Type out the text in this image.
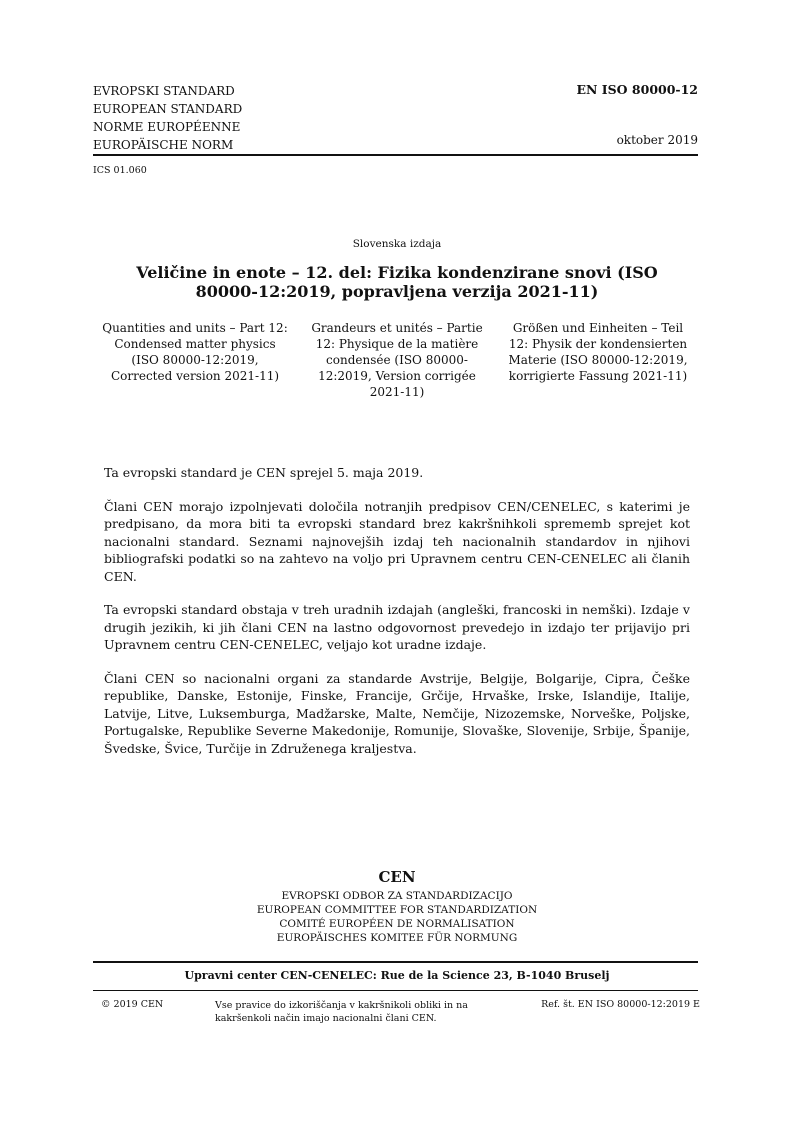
EVROPSKI STANDARD
EUROPEAN STANDARD
NORME EUROPÉENNE
EUROPÄISCHE NORM
EN ISO 80000-12
oktober 2019
ICS 01.060
Slovenska izdaja
Veličine in enote – 12. del: Fizika kondenzirane snovi (ISO 80000-12:2019, popravljena verzija 2021-11)
Quantities and units – Part 12: Condensed matter physics (ISO 80000-12:2019, Corrected version 2021-11)
Grandeurs et unités – Partie 12: Physique de la matière condensée (ISO 80000-12:2019, Version corrigée 2021-11)
Größen und Einheiten – Teil 12: Physik der kondensierten Materie (ISO 80000-12:2019, korrigierte Fassung 2021-11)

Ta evropski standard je CEN sprejel 5. maja 2019.

Člani CEN morajo izpolnjevati določila notranjih predpisov CEN/CENELEC, s katerimi je predpisano, da mora biti ta evropski standard brez kakršnihkoli sprememb sprejet kot nacionalni standard. Seznami najnovejših izdaj teh nacionalnih standardov in njihovi bibliografski podatki so na zahtevo na voljo pri Upravnem centru CEN-CENELEC ali članih CEN.

Ta evropski standard obstaja v treh uradnih izdajah (angleški, francoski in nemški). Izdaje v drugih jezikih, ki jih člani CEN na lastno odgovornost prevedejo in izdajo ter prijavijo pri Upravnem centru CEN-CENELEC, veljajo kot uradne izdaje.

Člani CEN so nacionalni organi za standarde Avstrije, Belgije, Bolgarije, Cipra, Češke republike, Danske, Estonije, Finske, Francije, Grčije, Hrvaške, Irske, Islandije, Italije, Latvije, Litve, Luksemburga, Madžarske, Malte, Nemčije, Nizozemske, Norveške, Poljske, Portugalske, Republike Severne Makedonije, Romunije, Slovaške, Slovenije, Srbije, Španije, Švedske, Švice, Turčije in Združenega kraljestva.

CEN
EVROPSKI ODBOR ZA STANDARDIZACIJO
EUROPEAN COMMITTEE FOR STANDARDIZATION
COMITÉ EUROPÉEN DE NORMALISATION
EUROPÄISCHES KOMITEE FÜR NORMUNG
Upravni center CEN-CENELEC: Rue de la Science 23, B-1040 Bruselj
© 2019 CEN	Vse pravice do izkoriščanja v kakršnikoli obliki in na kakršenkoli način imajo nacionalni člani CEN.
Ref. št. EN ISO 80000-12:2019 E
